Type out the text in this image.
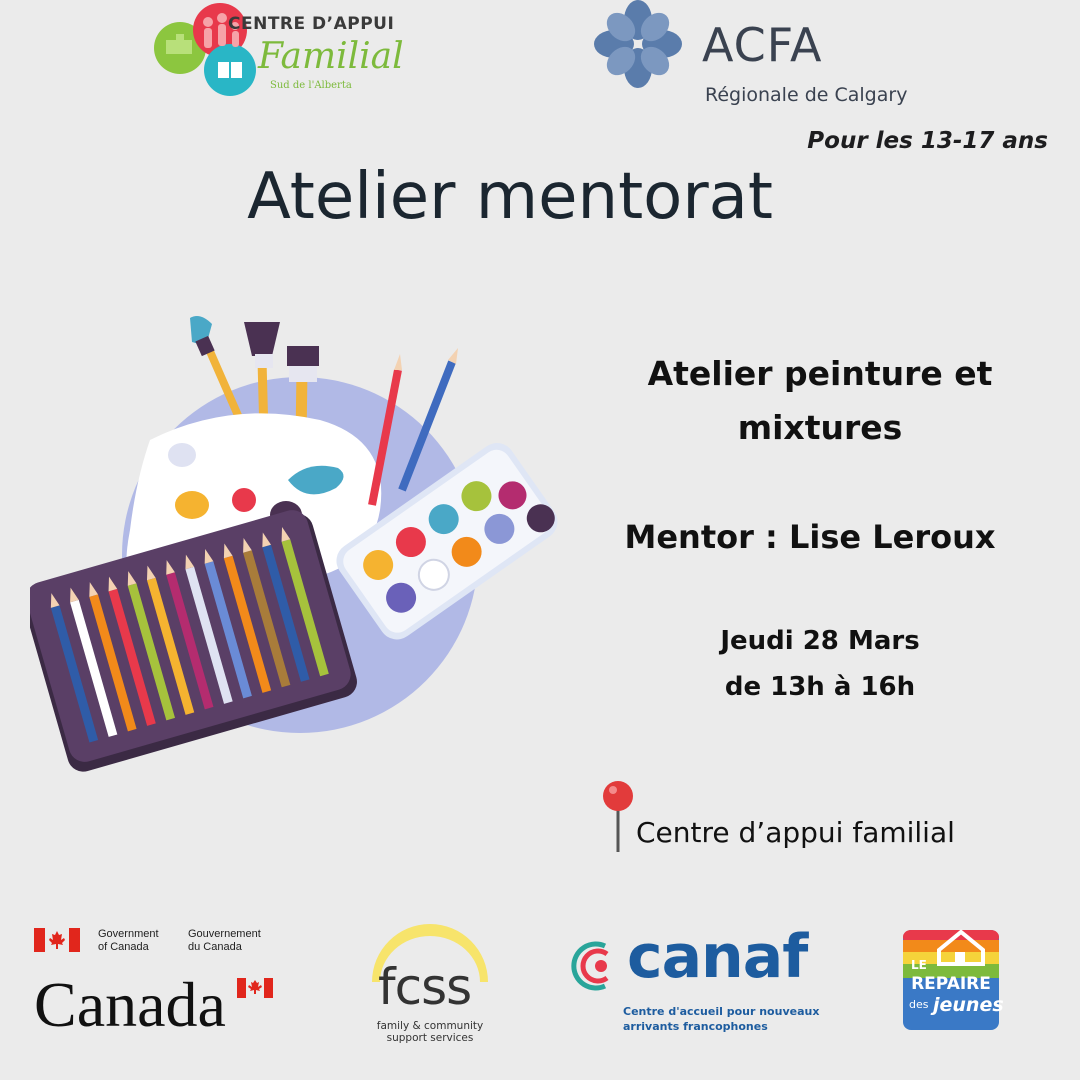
CENTRE D’APPUI
Familial
Sud de l'Alberta
ACFA
Régionale de Calgary
Pour les 13-17 ans
Atelier mentorat
Atelier peinture et
mixtures
Mentor : Lise Leroux
Jeudi 28 Mars
de 13h à 16h
Centre d’appui familial
Government
of Canada
Gouvernement
du Canada
Canada	fcss
family & community
support services
canaf
Centre d'accueil pour nouveaux
arrivants francophones
LE
REPAIRE
des jeunes
